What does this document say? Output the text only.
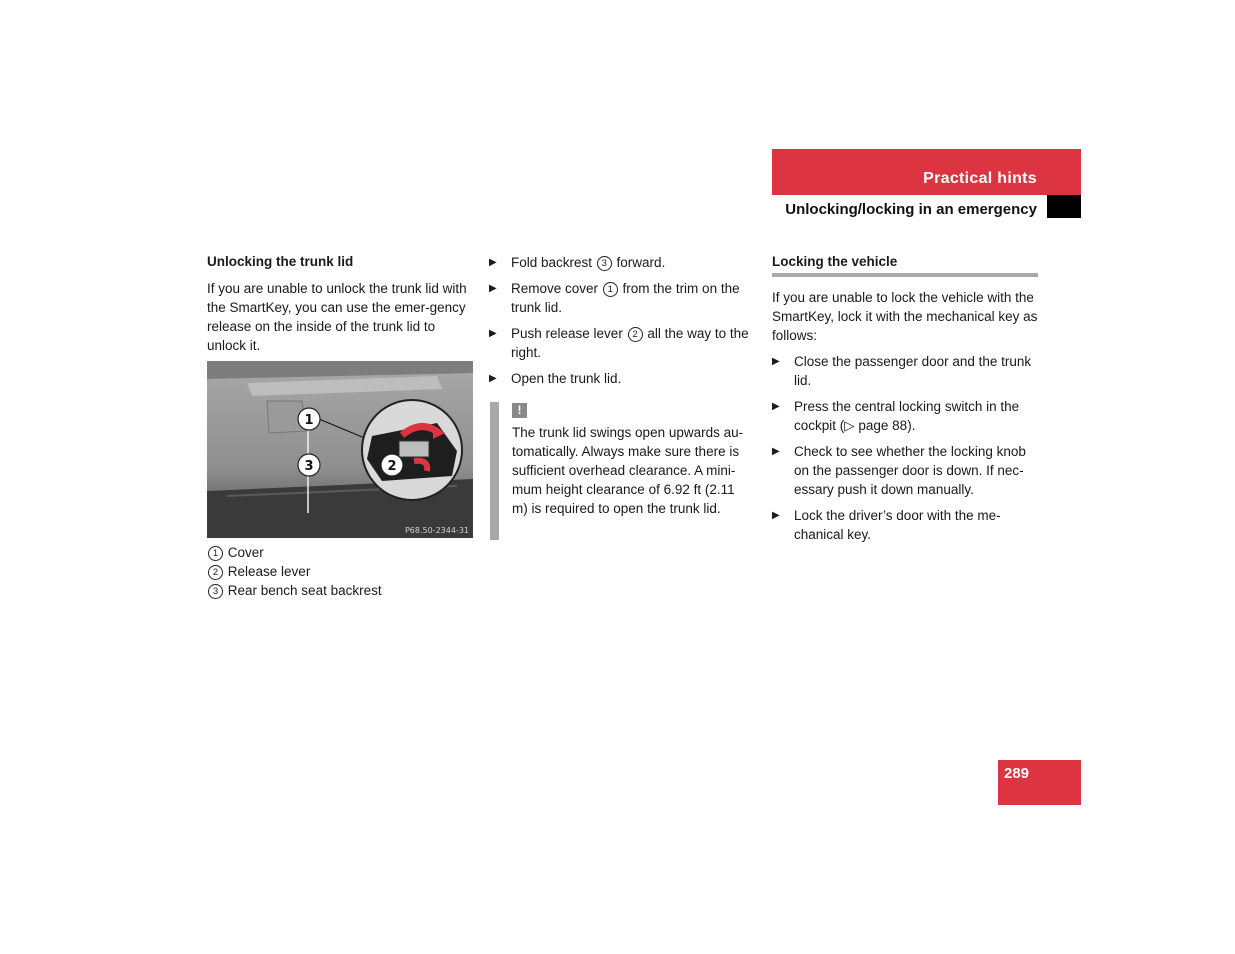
Practical hints
Unlocking/locking in an emergency
Unlocking the trunk lid
If you are unable to unlock the trunk lid with the SmartKey, you can use the emer-gency release on the inside of the trunk lid to unlock it.
1
3	2
P68.50-2344-31
1 Cover
2 Release lever
3 Rear bench seat backrest
▶ Fold backrest 3 forward.
▶ Remove cover 1 from the trim on the trunk lid.
▶ Push release lever 2 all the way to the right.
▶ Open the trunk lid.
!
The trunk lid swings open upwards au-tomatically. Always make sure there is sufficient overhead clearance. A mini-mum height clearance of 6.92 ft (2.11 m) is required to open the trunk lid.
Locking the vehicle
If you are unable to lock the vehicle with the SmartKey, lock it with the mechanical key as follows:
▶ Close the passenger door and the trunk lid.
▶ Press the central locking switch in the cockpit (▷ page 88).
▶ Check to see whether the locking knob on the passenger door is down. If nec-essary push it down manually.
▶ Lock the driver’s door with the me-chanical key.
289
